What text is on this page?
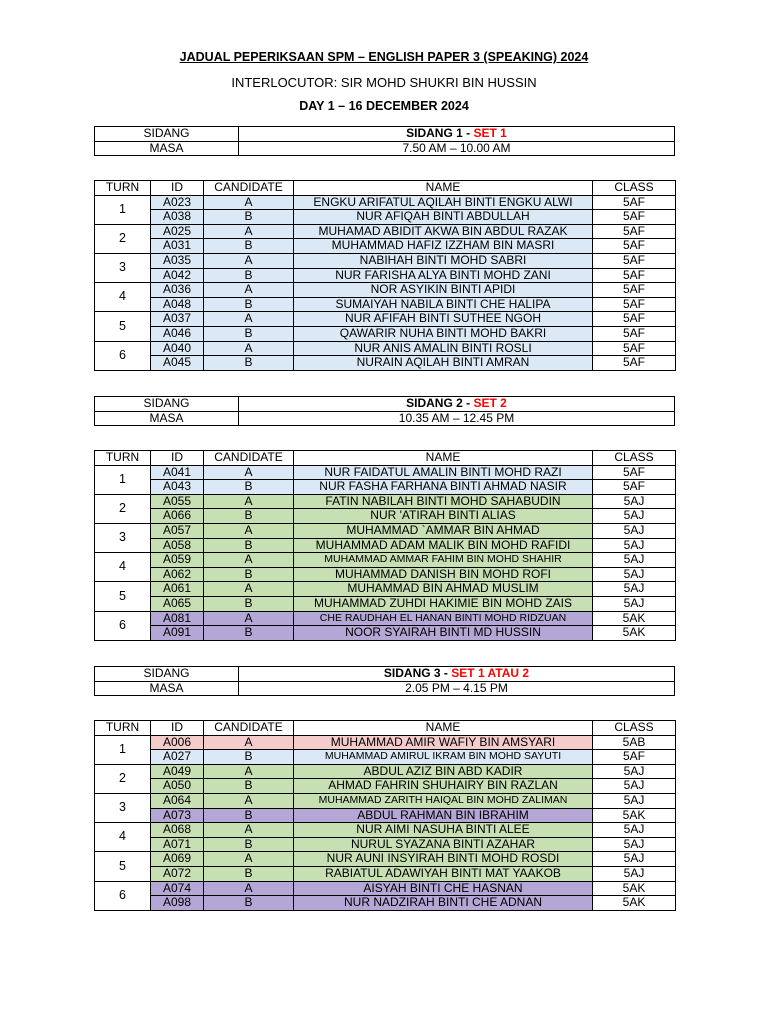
JADUAL PEPERIKSAAN SPM – ENGLISH PAPER 3 (SPEAKING) 2024
INTERLOCUTOR: SIR MOHD SHUKRI BIN HUSSIN
DAY 1 – 16 DECEMBER 2024
SIDANG	SIDANG 1 - SET 1
MASA	7.50 AM – 10.00 AM
TURN	ID	CANDIDATE	NAME	CLASS
1	A023	A	ENGKU ARIFATUL AQILAH BINTI ENGKU ALWI	5AF
	A038	B	NUR AFIQAH BINTI ABDULLAH	5AF
2	A025	A	MUHAMAD ABIDIT AKWA BIN ABDUL RAZAK	5AF
	A031	B	MUHAMMAD HAFIZ IZZHAM BIN MASRI	5AF
3	A035	A	NABIHAH BINTI MOHD SABRI	5AF
	A042	B	NUR FARISHA ALYA BINTI MOHD ZANI	5AF
4	A036	A	NOR ASYIKIN BINTI APIDI	5AF
	A048	B	SUMAIYAH NABILA BINTI CHE HALIPA	5AF
5	A037	A	NUR AFIFAH BINTI SUTHEE NGOH	5AF
	A046	B	QAWARIR NUHA BINTI MOHD BAKRI	5AF
6	A040	A	NUR ANIS AMALIN BINTI ROSLI	5AF
	A045	B	NURAIN AQILAH BINTI AMRAN	5AF
SIDANG	SIDANG 2 - SET 2
MASA	10.35 AM – 12.45 PM
TURN	ID	CANDIDATE	NAME	CLASS
1	A041	A	NUR FAIDATUL AMALIN BINTI MOHD RAZI	5AF
	A043	B	NUR FASHA FARHANA BINTI AHMAD NASIR	5AF
2	A055	A	FATIN NABILAH BINTI MOHD SAHABUDIN	5AJ
	A066	B	NUR 'ATIRAH BINTI ALIAS	5AJ
3	A057	A	MUHAMMAD `AMMAR BIN AHMAD	5AJ
	A058	B	MUHAMMAD ADAM MALIK BIN MOHD RAFIDI	5AJ
4	A059	A	MUHAMMAD AMMAR FAHIM BIN MOHD SHAHIR	5AJ
	A062	B	MUHAMMAD DANISH BIN MOHD ROFI	5AJ
5	A061	A	MUHAMMAD BIN AHMAD MUSLIM	5AJ
	A065	B	MUHAMMAD ZUHDI HAKIMIE BIN MOHD ZAIS	5AJ
6	A081	A	CHE RAUDHAH EL HANAN BINTI MOHD RIDZUAN	5AK
	A091	B	NOOR SYAIRAH BINTI MD HUSSIN	5AK
SIDANG	SIDANG 3 - SET 1 ATAU 2
MASA	2.05 PM – 4.15 PM
TURN	ID	CANDIDATE	NAME	CLASS
1	A006	A	MUHAMMAD AMIR WAFIY BIN AMSYARI	5AB
	A027	B	MUHAMMAD AMIRUL IKRAM BIN MOHD SAYUTI	5AF
2	A049	A	ABDUL AZIZ BIN ABD KADIR	5AJ
	A050	B	AHMAD FAHRIN SHUHAIRY BIN RAZLAN	5AJ
3	A064	A	MUHAMMAD ZARITH HAIQAL BIN MOHD ZALIMAN	5AJ
	A073	B	ABDUL RAHMAN BIN IBRAHIM	5AK
4	A068	A	NUR AIMI NASUHA BINTI ALEE	5AJ
	A071	B	NURUL SYAZANA BINTI AZAHAR	5AJ
5	A069	A	NUR AUNI INSYIRAH BINTI MOHD ROSDI	5AJ
	A072	B	RABIATUL ADAWIYAH BINTI MAT YAAKOB	5AJ
6	A074	A	AISYAH BINTI CHE HASNAN	5AK
	A098	B	NUR NADZIRAH BINTI CHE ADNAN	5AK
